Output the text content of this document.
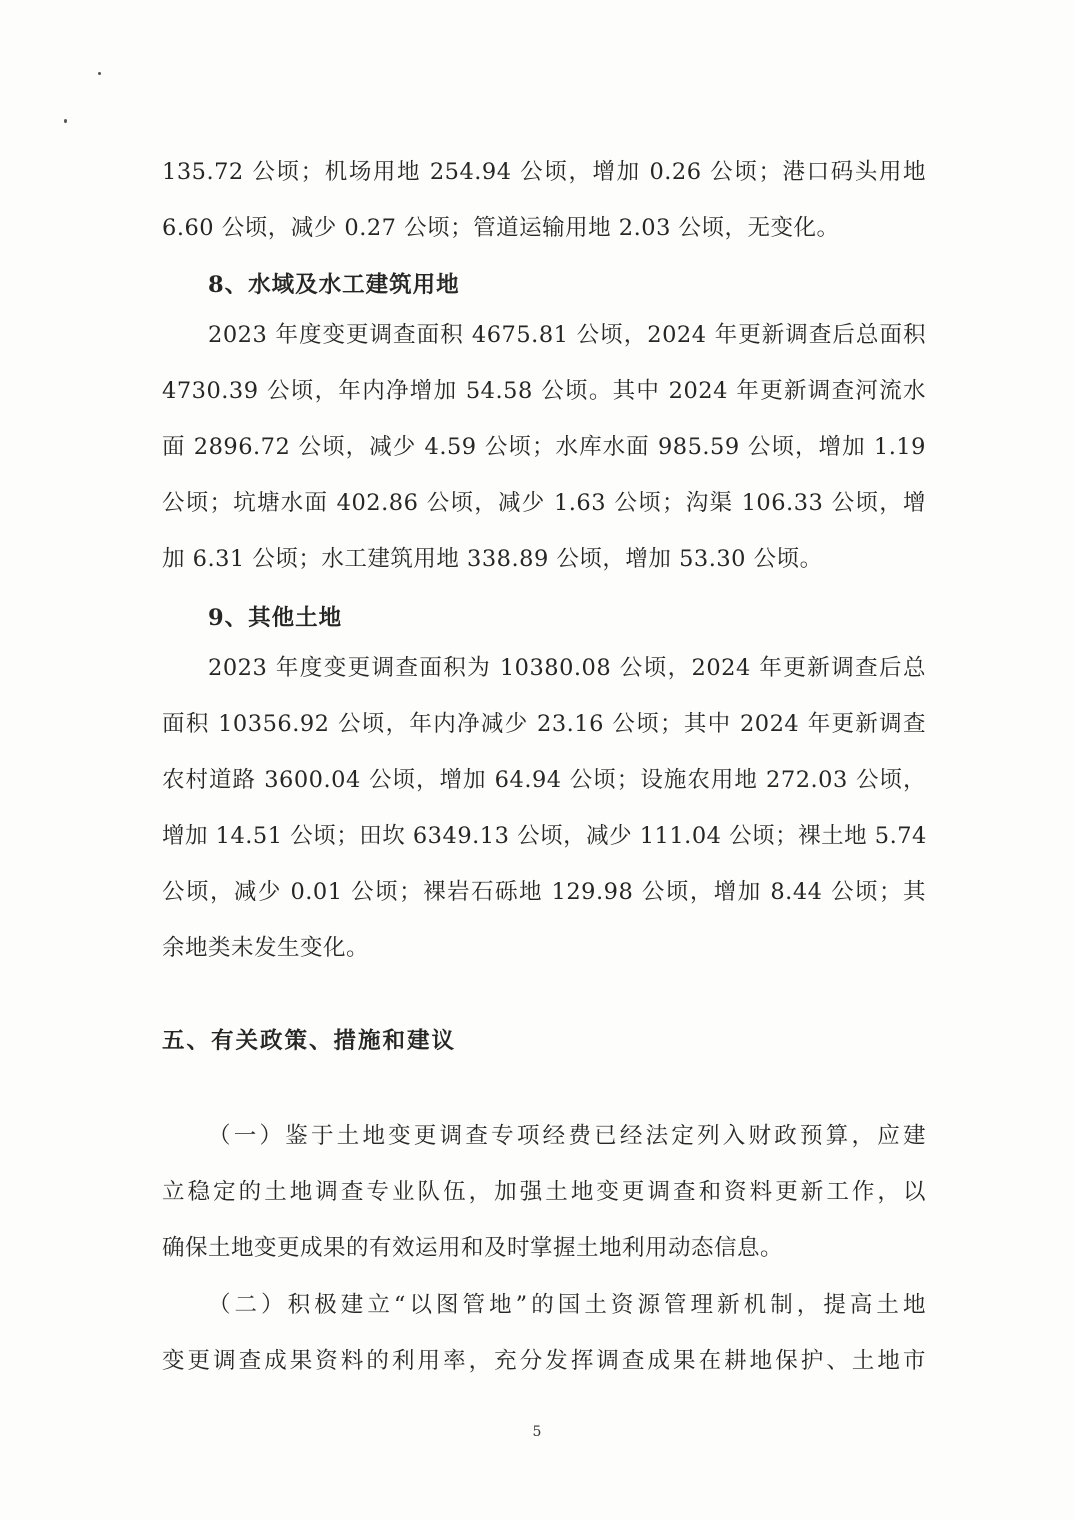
135.72 公顷；机场用地 254.94 公顷，增加 0.26 公顷；港口码头用地
6.60 公顷，减少 0.27 公顷；管道运输用地 2.03 公顷，无变化。
8、水域及水工建筑用地
2023 年度变更调查面积 4675.81 公顷，2024 年更新调查后总面积
4730.39 公顷，年内净增加 54.58 公顷。其中 2024 年更新调查河流水
面 2896.72 公顷，减少 4.59 公顷；水库水面 985.59 公顷，增加 1.19
公顷；坑塘水面 402.86 公顷，减少 1.63 公顷；沟渠 106.33 公顷，增
加 6.31 公顷；水工建筑用地 338.89 公顷，增加 53.30 公顷。
9、其他土地
2023 年度变更调查面积为 10380.08 公顷，2024 年更新调查后总
面积 10356.92 公顷，年内净减少 23.16 公顷；其中 2024 年更新调查
农村道路 3600.04 公顷，增加 64.94 公顷；设施农用地 272.03 公顷，
增加 14.51 公顷；田坎 6349.13 公顷，减少 111.04 公顷；裸土地 5.74
公顷，减少 0.01 公顷；裸岩石砾地 129.98 公顷，增加 8.44 公顷；其
余地类未发生变化。
五、有关政策、措施和建议
（一）鉴于土地变更调查专项经费已经法定列入财政预算，应建
立稳定的土地调查专业队伍，加强土地变更调查和资料更新工作，以
确保土地变更成果的有效运用和及时掌握土地利用动态信息。
（二）积极建立“以图管地”的国土资源管理新机制，提高土地
变更调查成果资料的利用率，充分发挥调查成果在耕地保护、土地市
5
